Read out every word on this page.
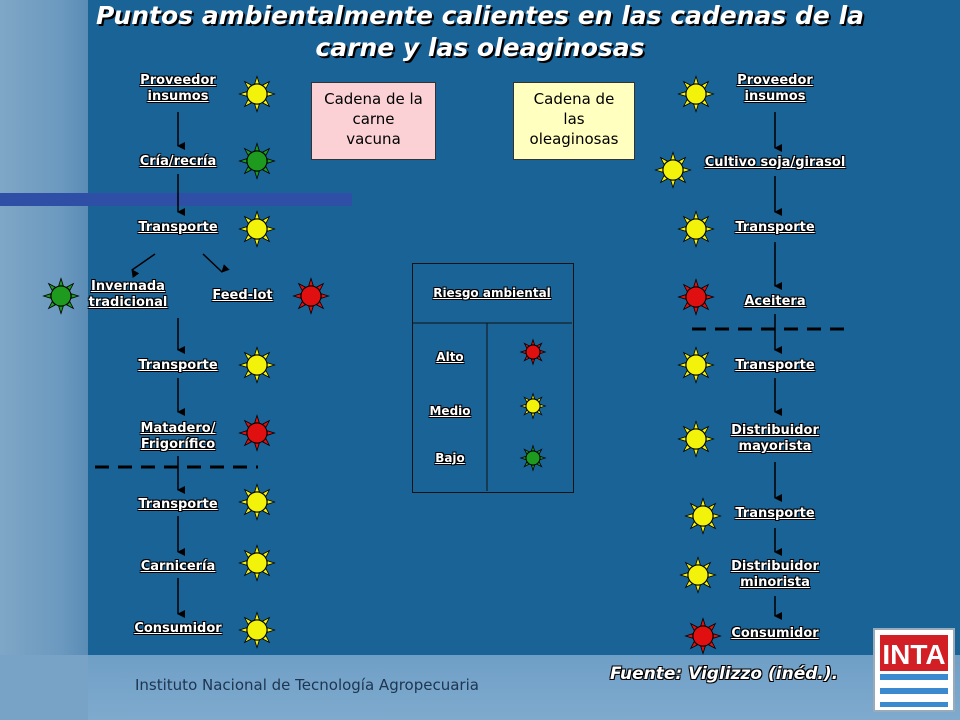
Puntos ambientalmente calientes en las cadenas de la carne y las oleaginosas
Cadena de la carne vacuna
Cadena de las oleaginosas
Proveedor insumos
Cría/recría
Transporte
Invernada tradicional	Feed-lot
Transporte
Matadero/ Frigorífico
Transporte
Carnicería
Consumidor
Proveedor insumos
Cultivo soja/girasol
Transporte
Aceitera
Transporte
Distribuidor mayorista
Transporte
Distribuidor minorista
Consumidor
Riesgo ambiental
Alto
Medio
Bajo
Fuente: Viglizzo (inéd.).
Instituto Nacional de Tecnología Agropecuaria
INTA
